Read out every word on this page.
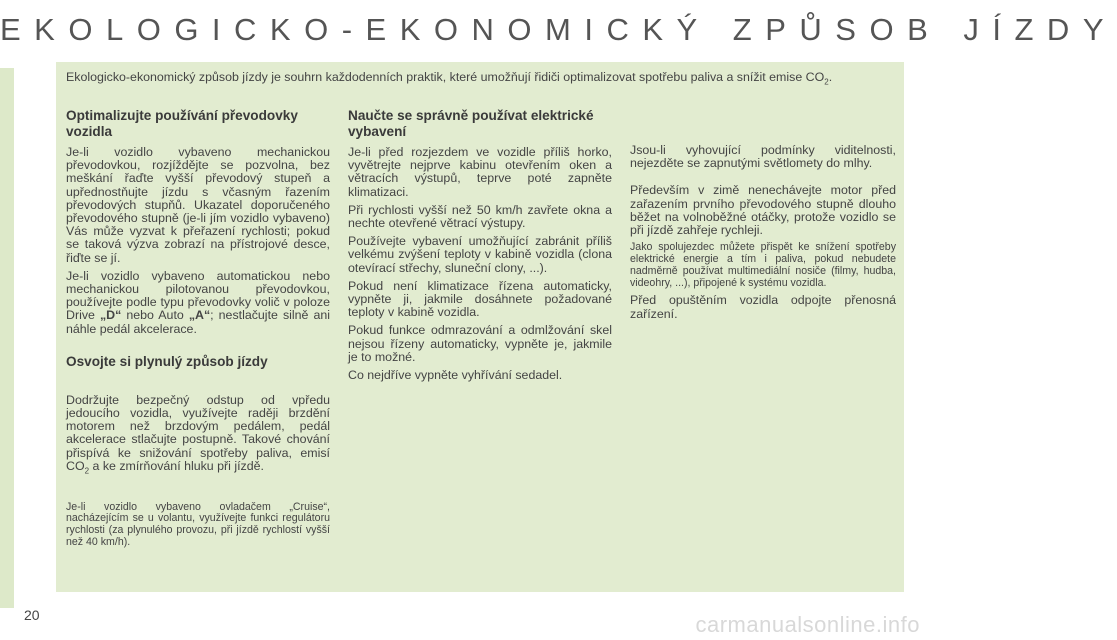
EKOLOGICKO-EKONOMICKÝ ZPŮSOB JÍZDY

Ekologicko-ekonomický způsob jízdy je souhrn každodenních praktik, které umožňují řidiči optimalizovat spotřebu paliva a snížit emise $CO_2$.

Optimalizujte používání převodovky vozidla

Je-li vozidlo vybaveno mechanickou převodovkou, rozjíždějte se pozvolna, bez meškání řaďte vyšší převodový stupeň a upřednostňujte jízdu s včasným řazením převodových stupňů. Ukazatel doporučeného převodového stupně (je-li jím vozidlo vybaveno) Vás může vyzvat k přeřazení rychlosti; pokud se taková výzva zobrazí na přístrojové desce, řiďte se jí.

Je-li vozidlo vybaveno automatickou nebo mechanickou pilotovanou převodovkou, používejte podle typu převodovky volič v poloze Drive „D“ nebo Auto „A“; nestlačujte silně ani náhle pedál akcelerace.

Osvojte si plynulý způsob jízdy

Dodržujte bezpečný odstup od vpředu jedoucího vozidla, využívejte raději brzdění motorem než brzdovým pedálem, pedál akcelerace stlačujte postupně. Takové chování přispívá ke snižování spotřeby paliva, emisí $CO_2$ a ke zmírňování hluku při jízdě.

Je-li vozidlo vybaveno ovladačem „Cruise“, nacházejícím se u volantu, využívejte funkci regulátoru rychlosti (za plynulého provozu, při jízdě rychlostí vyšší než 40 km/h).

Naučte se správně používat elektrické vybavení

Je-li před rozjezdem ve vozidle příliš horko, vyvětrejte nejprve kabinu otevřením oken a větracích výstupů, teprve poté zapněte klimatizaci.

Při rychlosti vyšší než 50 km/h zavřete okna a nechte otevřené větrací výstupy.

Používejte vybavení umožňující zabránit příliš velkému zvýšení teploty v kabině vozidla (clona otevírací střechy, sluneční clony, ...).

Pokud není klimatizace řízena automaticky, vypněte ji, jakmile dosáhnete požadované teploty v kabině vozidla.

Pokud funkce odmrazování a odmlžování skel nejsou řízeny automaticky, vypněte je, jakmile je to možné.

Co nejdříve vypněte vyhřívání sedadel.

Jsou-li vyhovující podmínky viditelnosti, nejezděte se zapnutými světlomety do mlhy.

Především v zimě nenechávejte motor před zařazením prvního převodového stupně dlouho běžet na volnoběžné otáčky, protože vozidlo se při jízdě zahřeje rychleji.

Jako spolujezdec můžete přispět ke snížení spotřeby elektrické energie a tím i paliva, pokud nebudete nadměrně používat multimediální nosiče (filmy, hudba, videohry, ...), připojené k systému vozidla.

Před opuštěním vozidla odpojte přenosná zařízení.

20	carmanualsonline.info
